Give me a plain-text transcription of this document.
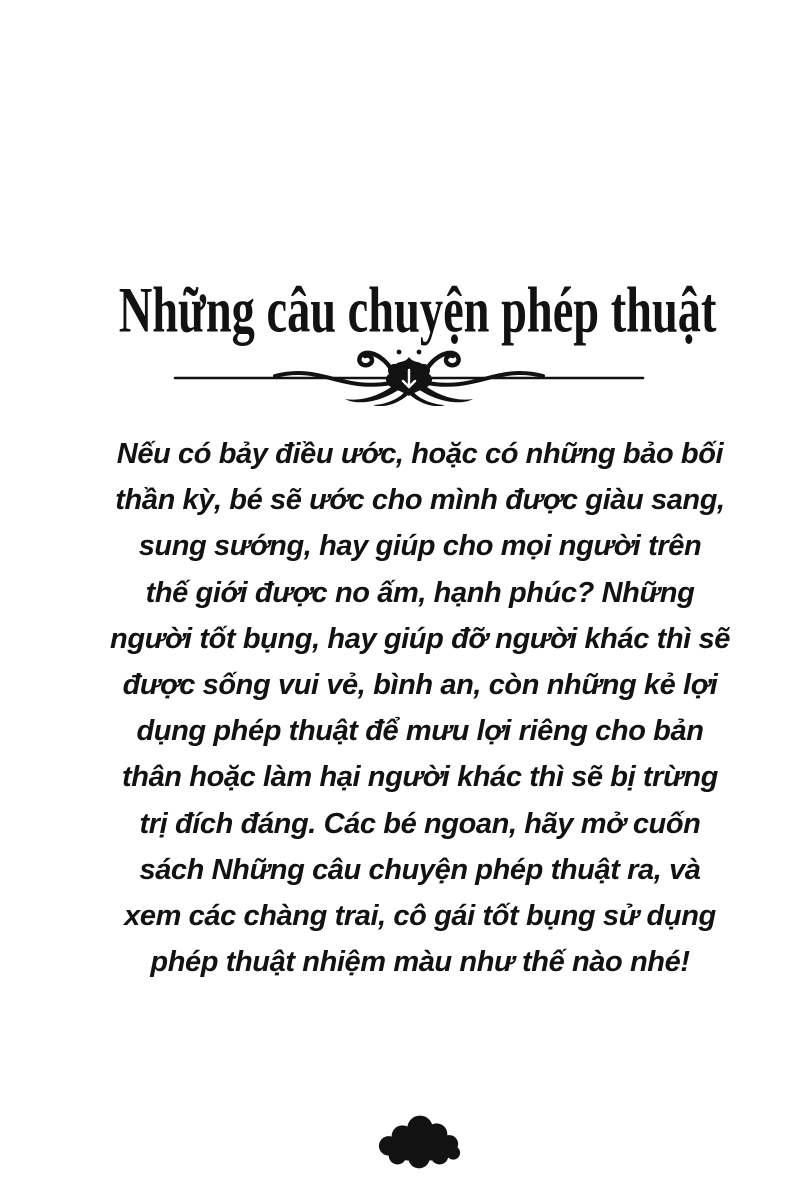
Những câu chuyện phép thuật
Nếu có bảy điều ước, hoặc có những bảo bối
thần kỳ, bé sẽ ước cho mình được giàu sang,
sung sướng, hay giúp cho mọi người trên
thế giới được no ấm, hạnh phúc? Những
người tốt bụng, hay giúp đỡ người khác thì sẽ
được sống vui vẻ, bình an, còn những kẻ lợi
dụng phép thuật để mưu lợi riêng cho bản
thân hoặc làm hại người khác thì sẽ bị trừng
trị đích đáng. Các bé ngoan, hãy mở cuốn
sách Những câu chuyện phép thuật ra, và
xem các chàng trai, cô gái tốt bụng sử dụng
phép thuật nhiệm màu như thế nào nhé!
